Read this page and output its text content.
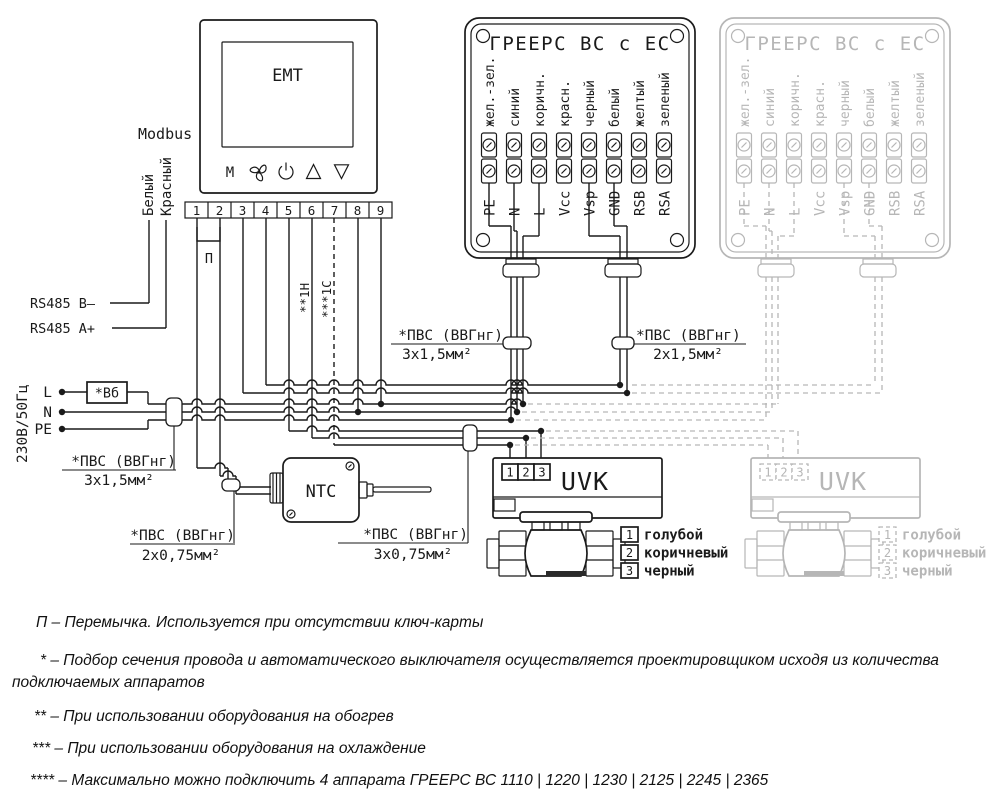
ГРЕЕРС ВС с ЕС
жел.-зел.
PE
синий
N
коричн.
L
красн.
Vcc
черный
Vsp
белый
GND
желтый
RSB
зеленый
RSA
ГРЕЕРС ВС с ЕС
жел.-зел.
PE
синий
N
коричн.
L
красн.
Vcc
черный
Vsp
белый
GND
желтый
RSB
зеленый
RSA
EMT
M
1 2 3 4 5 6 7 8 9
П
*Вб
NTC
1 2 3 UVK
1 голубой
2 коричневый
3 черный
1 2 3 UVK
1 голубой
2 коричневый
3 черный
*ПВС (ВВГнг)
3х1,5мм²
*ПВС (ВВГнг)
2х0,75мм²
*ПВС (ВВГнг)
3х0,75мм²
*ПВС (ВВГнг)
3х1,5мм²
*ПВС (ВВГнг)
2х1,5мм²
230В/50Гц L
N
PE
Modbus
Белый Красный
RS485 B–
RS485 A+
**1Н ***1С

П – Перемычка. Используется при отсутствии ключ-карты

* – Подбор сечения провода и автоматического выключателя осуществляется проектировщиком исходя из количества подключаемых аппаратов

** – При использовании оборудования на обогрев

*** – При использовании оборудования на охлаждение

**** – Максимально можно подключить 4 аппарата ГРЕЕРС ВС 1110 | 1220 | 1230 | 2125 | 2245 | 2365
